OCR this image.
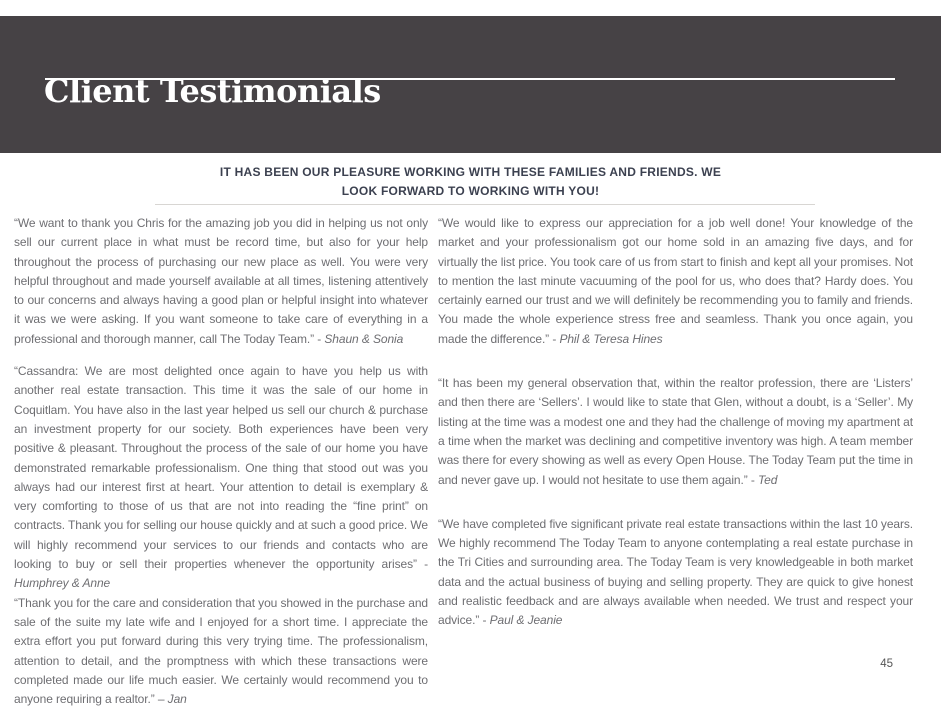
Client Testimonials
IT HAS BEEN OUR PLEASURE WORKING WITH THESE FAMILIES AND FRIENDS. WE
LOOK FORWARD TO WORKING WITH YOU!

“We want to thank you Chris for the amazing job you did in helping us not only sell our current place in what must be record time, but also for your help throughout the process of purchasing our new place as well. You were very helpful throughout and made yourself available at all times, listening attentively to our concerns and always having a good plan or helpful insight into whatever it was we were asking. If you want someone to take care of everything in a professional and thorough manner, call The Today Team.” - Shaun & Sonia

“Cassandra: We are most delighted once again to have you help us with another real estate transaction. This time it was the sale of our home in Coquitlam. You have also in the last year helped us sell our church & purchase an investment property for our society. Both experiences have been very positive & pleasant. Throughout the process of the sale of our home you have demonstrated remarkable professionalism. One thing that stood out was you always had our interest first at heart. Your attention to detail is exemplary & very comforting to those of us that are not into reading the “fine print” on contracts. Thank you for selling our house quickly and at such a good price. We will highly recommend your services to our friends and contacts who are looking to buy or sell their properties whenever the opportunity arises” - Humphrey & Anne

“Thank you for the care and consideration that you showed in the purchase and sale of the suite my late wife and I enjoyed for a short time. I appreciate the extra effort you put forward during this very trying time. The professionalism, attention to detail, and the promptness with which these transactions were completed made our life much easier. We certainly would recommend you to anyone requiring a realtor.” – Jan

“We would like to express our appreciation for a job well done! Your knowledge of the market and your professionalism got our home sold in an amazing five days, and for virtually the list price. You took care of us from start to finish and kept all your promises. Not to mention the last minute vacuuming of the pool for us, who does that? Hardy does. You certainly earned our trust and we will definitely be recommending you to family and friends. You made the whole experience stress free and seamless. Thank you once again, you made the difference.” - Phil & Teresa Hines

“It has been my general observation that, within the realtor profession, there are ‘Listers’ and then there are ‘Sellers’. I would like to state that Glen, without a doubt, is a ‘Seller’. My listing at the time was a modest one and they had the challenge of moving my apartment at a time when the market was declining and competitive inventory was high. A team member was there for every showing as well as every Open House. The Today Team put the time in and never gave up. I would not hesitate to use them again.” - Ted

“We have completed five significant private real estate transactions within the last 10 years. We highly recommend The Today Team to anyone contemplating a real estate purchase in the Tri Cities and surrounding area. The Today Team is very knowledgeable in both market data and the actual business of buying and selling property. They are quick to give honest and realistic feedback and are always available when needed. We trust and respect your advice.” - Paul & Jeanie

45
